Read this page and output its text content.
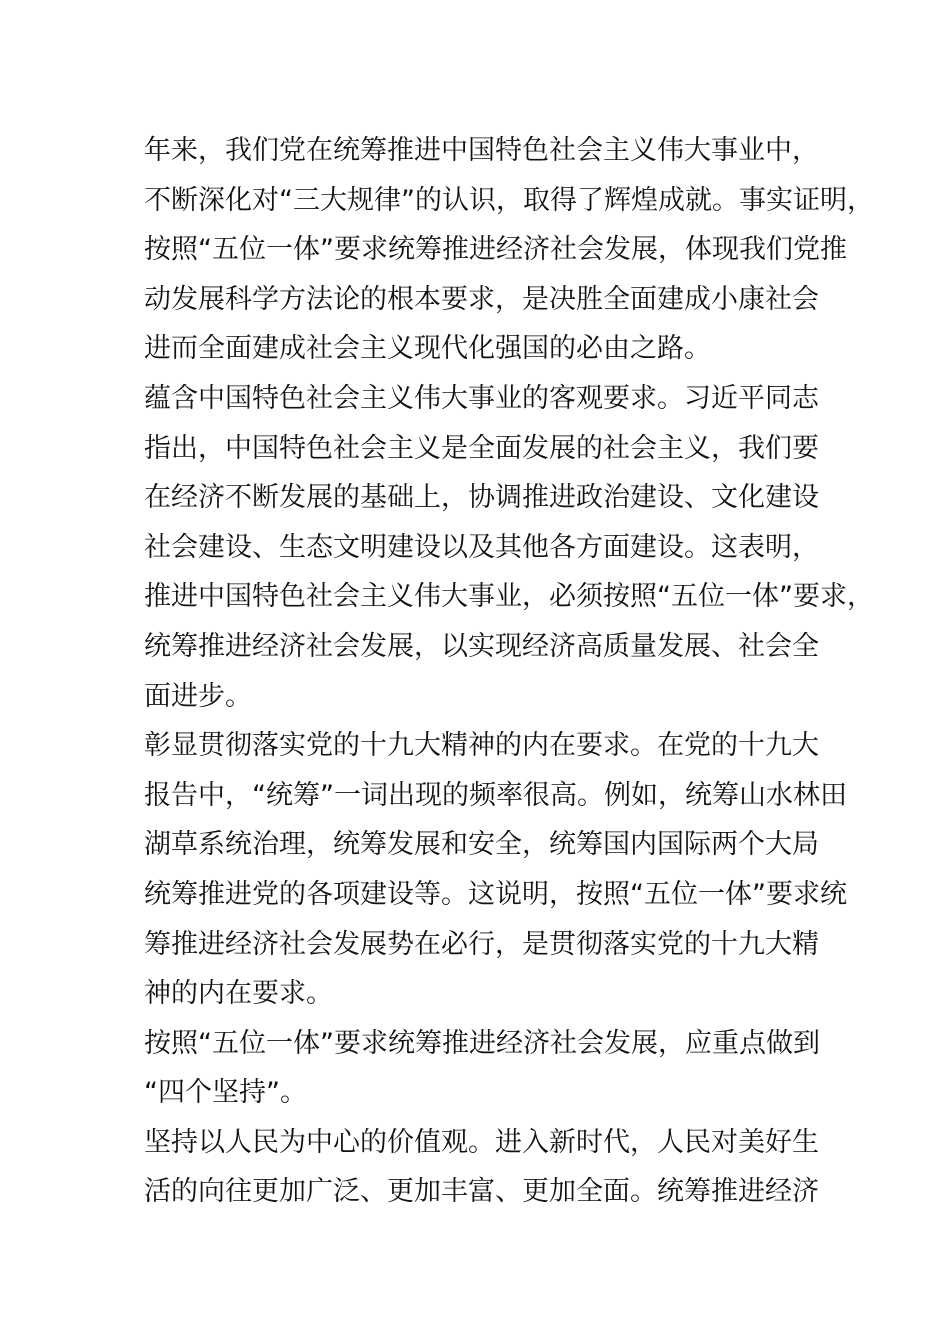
年来，我们党在统筹推进中国特色社会主义伟大事业中，
不断深化对“三大规律”的认识，取得了辉煌成就。事实证明，
按照“五位一体”要求统筹推进经济社会发展，体现我们党推
动发展科学方法论的根本要求，是决胜全面建成小康社会
进而全面建成社会主义现代化强国的必由之路。
蕴含中国特色社会主义伟大事业的客观要求。习近平同志
指出，中国特色社会主义是全面发展的社会主义，我们要
在经济不断发展的基础上，协调推进政治建设、文化建设
社会建设、生态文明建设以及其他各方面建设。这表明，
推进中国特色社会主义伟大事业，必须按照“五位一体”要求，
统筹推进经济社会发展，以实现经济高质量发展、社会全
面进步。
彰显贯彻落实党的十九大精神的内在要求。在党的十九大
报告中，“统筹”一词出现的频率很高。例如，统筹山水林田
湖草系统治理，统筹发展和安全，统筹国内国际两个大局
统筹推进党的各项建设等。这说明，按照“五位一体”要求统
筹推进经济社会发展势在必行，是贯彻落实党的十九大精
神的内在要求。
按照“五位一体”要求统筹推进经济社会发展，应重点做到
“四个坚持”。
坚持以人民为中心的价值观。进入新时代，人民对美好生
活的向往更加广泛、更加丰富、更加全面。统筹推进经济
